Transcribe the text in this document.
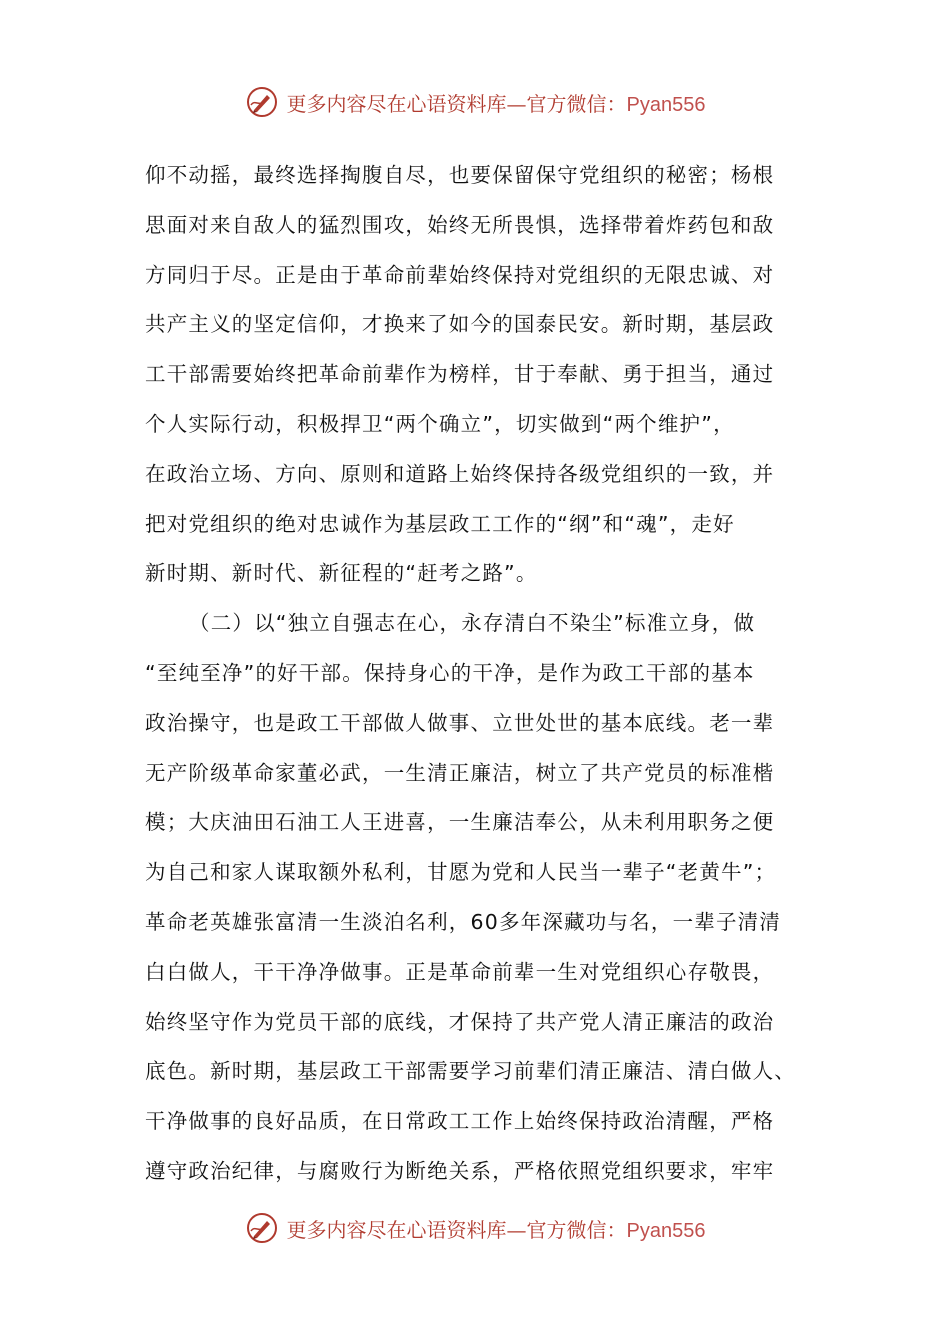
更多内容尽在心语资料库—官方微信：Pyan556
仰不动摇，最终选择掏腹自尽，也要保留保守党组织的秘密；杨根
思面对来自敌人的猛烈围攻，始终无所畏惧，选择带着炸药包和敌
方同归于尽。正是由于革命前辈始终保持对党组织的无限忠诚、对
共产主义的坚定信仰，才换来了如今的国泰民安。新时期，基层政
工干部需要始终把革命前辈作为榜样，甘于奉献、勇于担当，通过
个人实际行动，积极捍卫“两个确立”，切实做到“两个维护”，
在政治立场、方向、原则和道路上始终保持各级党组织的一致，并
把对党组织的绝对忠诚作为基层政工工作的“纲”和“魂”，走好
新时期、新时代、新征程的“赶考之路”。
（二）以“独立自强志在心，永存清白不染尘”标准立身，做
“至纯至净”的好干部。保持身心的干净，是作为政工干部的基本
政治操守，也是政工干部做人做事、立世处世的基本底线。老一辈
无产阶级革命家董必武，一生清正廉洁，树立了共产党员的标准楷
模；大庆油田石油工人王进喜，一生廉洁奉公，从未利用职务之便
为自己和家人谋取额外私利，甘愿为党和人民当一辈子“老黄牛”；
革命老英雄张富清一生淡泊名利，60多年深藏功与名，一辈子清清
白白做人，干干净净做事。正是革命前辈一生对党组织心存敬畏，
始终坚守作为党员干部的底线，才保持了共产党人清正廉洁的政治
底色。新时期，基层政工干部需要学习前辈们清正廉洁、清白做人、
干净做事的良好品质，在日常政工工作上始终保持政治清醒，严格
遵守政治纪律，与腐败行为断绝关系，严格依照党组织要求，牢牢
更多内容尽在心语资料库—官方微信：Pyan556
